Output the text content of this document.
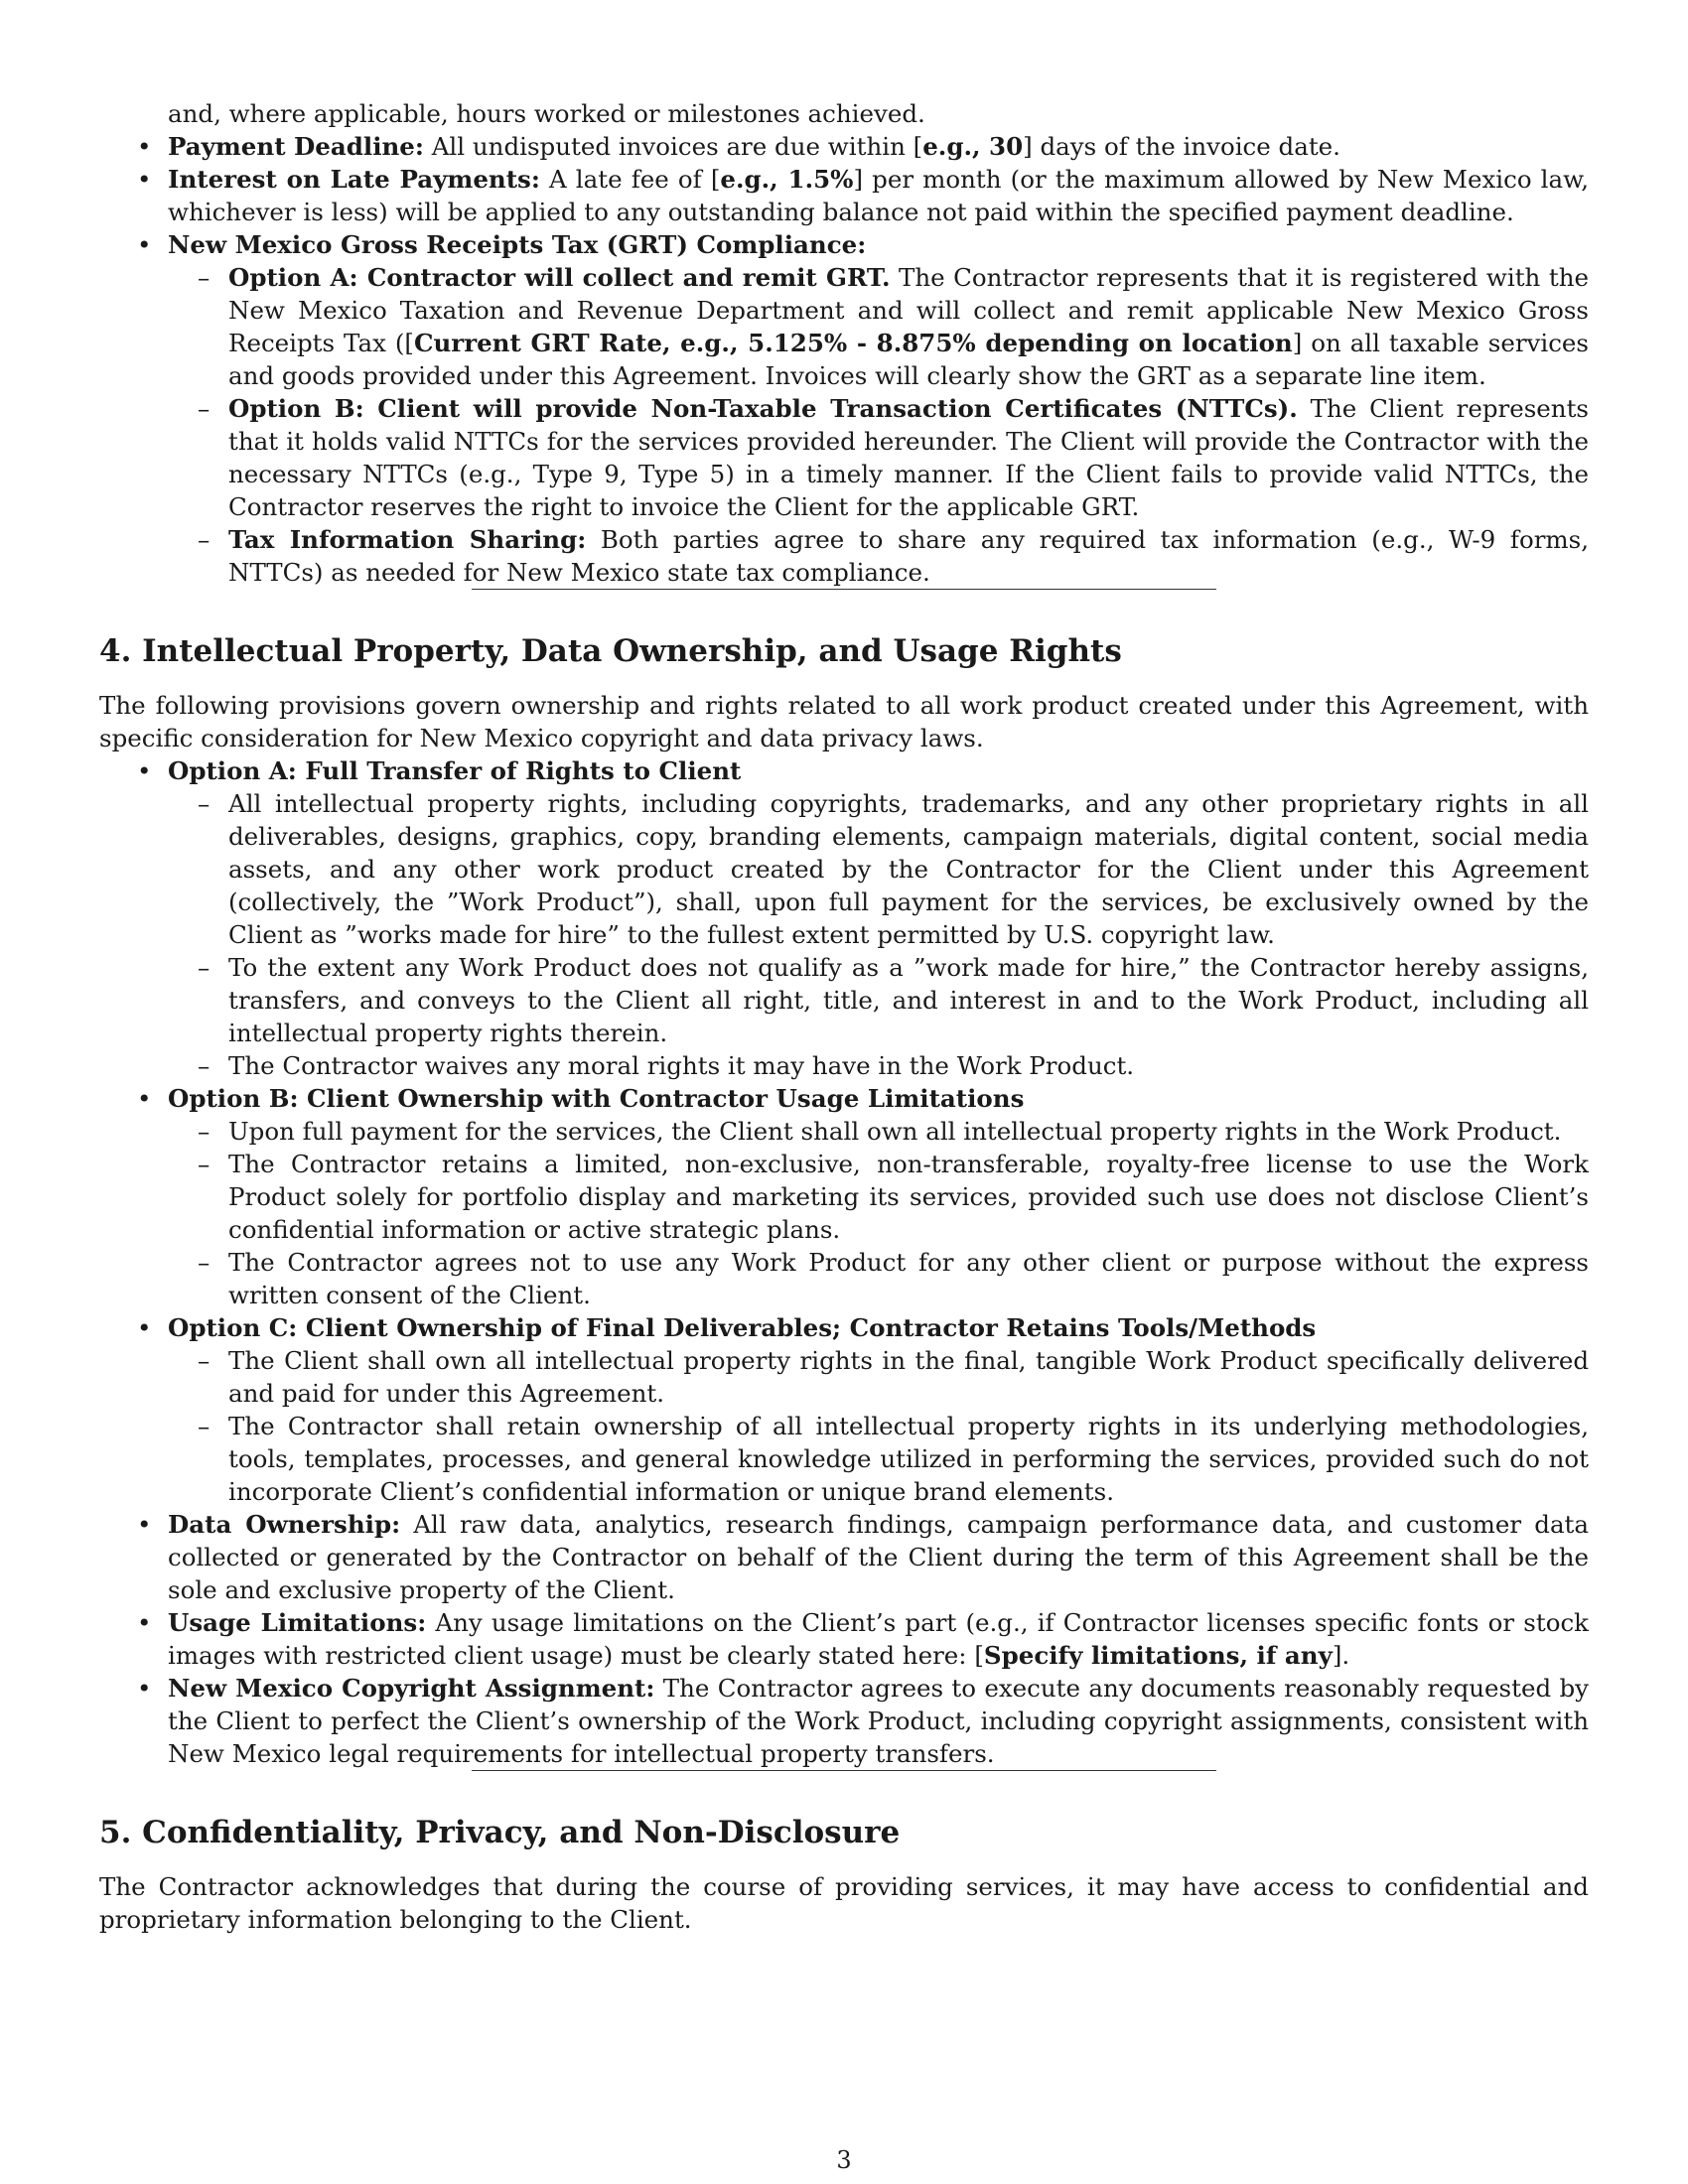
and, where applicable, hours worked or milestones achieved.

• Payment Deadline: All undisputed invoices are due within [e.g., 30] days of the invoice date.
• Interest on Late Payments: A late fee of [e.g., 1.5%] per month (or the maximum allowed by New Mexico law, whichever is less) will be applied to any outstanding balance not paid within the specified payment deadline.
• New Mexico Gross Receipts Tax (GRT) Compliance:
– Option A: Contractor will collect and remit GRT. The Contractor represents that it is registered with the New Mexico Taxation and Revenue Department and will collect and remit applicable New Mexico Gross Receipts Tax ([Current GRT Rate, e.g., 5.125% - 8.875% depending on location] on all taxable services and goods provided under this Agreement. Invoices will clearly show the GRT as a separate line item.
– Option B: Client will provide Non-Taxable Transaction Certificates (NTTCs). The Client represents that it holds valid NTTCs for the services provided hereunder. The Client will provide the Contractor with the necessary NTTCs (e.g., Type 9, Type 5) in a timely manner. If the Client fails to provide valid NTTCs, the Contractor reserves the right to invoice the Client for the applicable GRT.
– Tax Information Sharing: Both parties agree to share any required tax information (e.g., W-9 forms, NTTCs) as needed for New Mexico state tax compliance.
4. Intellectual Property, Data Ownership, and Usage Rights

The following provisions govern ownership and rights related to all work product created under this Agreement, with specific consideration for New Mexico copyright and data privacy laws.

• Option A: Full Transfer of Rights to Client
– All intellectual property rights, including copyrights, trademarks, and any other proprietary rights in all deliverables, designs, graphics, copy, branding elements, campaign materials, digital content, social media assets, and any other work product created by the Contractor for the Client under this Agreement (collectively, the ”Work Product”), shall, upon full payment for the services, be exclusively owned by the Client as ”works made for hire” to the fullest extent permitted by U.S. copyright law.
– To the extent any Work Product does not qualify as a ”work made for hire,” the Contractor hereby assigns, transfers, and conveys to the Client all right, title, and interest in and to the Work Product, including all intellectual property rights therein.
– The Contractor waives any moral rights it may have in the Work Product.
• Option B: Client Ownership with Contractor Usage Limitations
– Upon full payment for the services, the Client shall own all intellectual property rights in the Work Product.
– The Contractor retains a limited, non-exclusive, non-transferable, royalty-free license to use the Work Product solely for portfolio display and marketing its services, provided such use does not disclose Client’s confidential information or active strategic plans.
– The Contractor agrees not to use any Work Product for any other client or purpose without the express written consent of the Client.
• Option C: Client Ownership of Final Deliverables; Contractor Retains Tools/Methods
– The Client shall own all intellectual property rights in the final, tangible Work Product specifically delivered and paid for under this Agreement.
– The Contractor shall retain ownership of all intellectual property rights in its underlying methodologies, tools, templates, processes, and general knowledge utilized in performing the services, provided such do not incorporate Client’s confidential information or unique brand elements.
• Data Ownership: All raw data, analytics, research findings, campaign performance data, and customer data collected or generated by the Contractor on behalf of the Client during the term of this Agreement shall be the sole and exclusive property of the Client.
• Usage Limitations: Any usage limitations on the Client’s part (e.g., if Contractor licenses specific fonts or stock images with restricted client usage) must be clearly stated here: [Specify limitations, if any].
• New Mexico Copyright Assignment: The Contractor agrees to execute any documents reasonably requested by the Client to perfect the Client’s ownership of the Work Product, including copyright assignments, consistent with New Mexico legal requirements for intellectual property transfers.
5. Confidentiality, Privacy, and Non-Disclosure

The Contractor acknowledges that during the course of providing services, it may have access to confidential and proprietary information belonging to the Client.

3
